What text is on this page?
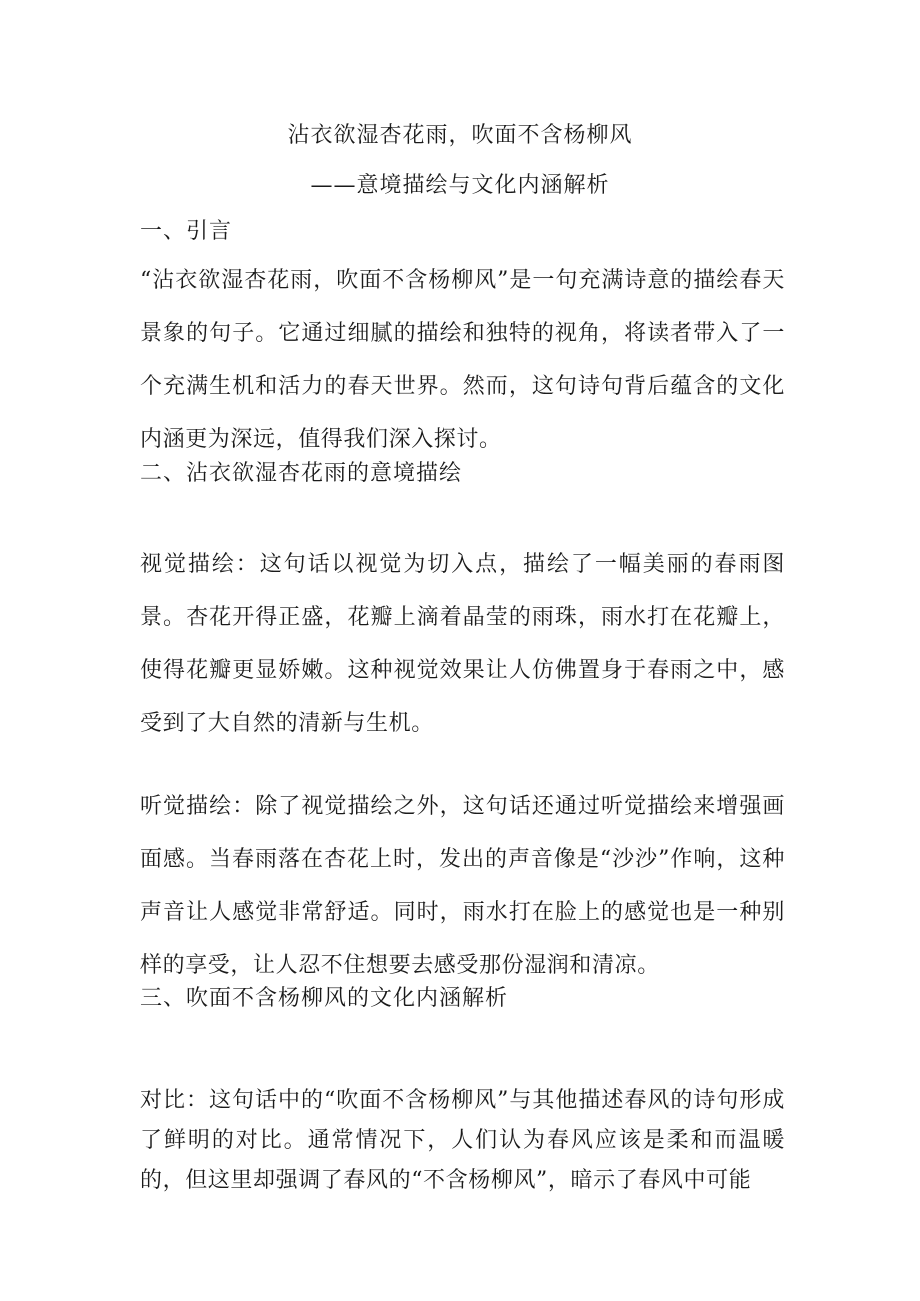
沾衣欲湿杏花雨，吹面不含杨柳风
——意境描绘与文化内涵解析
一、引言
“沾衣欲湿杏花雨，吹面不含杨柳风”是一句充满诗意的描绘春天景象的句子。它通过细腻的描绘和独特的视角，将读者带入了一个充满生机和活力的春天世界。然而，这句诗句背后蕴含的文化内涵更为深远，值得我们深入探讨。
二、沾衣欲湿杏花雨的意境描绘
视觉描绘：这句话以视觉为切入点，描绘了一幅美丽的春雨图景。杏花开得正盛，花瓣上滴着晶莹的雨珠，雨水打在花瓣上，使得花瓣更显娇嫩。这种视觉效果让人仿佛置身于春雨之中，感受到了大自然的清新与生机。
听觉描绘：除了视觉描绘之外，这句话还通过听觉描绘来增强画面感。当春雨落在杏花上时，发出的声音像是“沙沙”作响，这种声音让人感觉非常舒适。同时，雨水打在脸上的感觉也是一种别样的享受，让人忍不住想要去感受那份湿润和清凉。
三、吹面不含杨柳风的文化内涵解析
对比：这句话中的“吹面不含杨柳风”与其他描述春风的诗句形成了鲜明的对比。通常情况下，人们认为春风应该是柔和而温暖的，但这里却强调了春风的“不含杨柳风”，暗示了春风中可能
